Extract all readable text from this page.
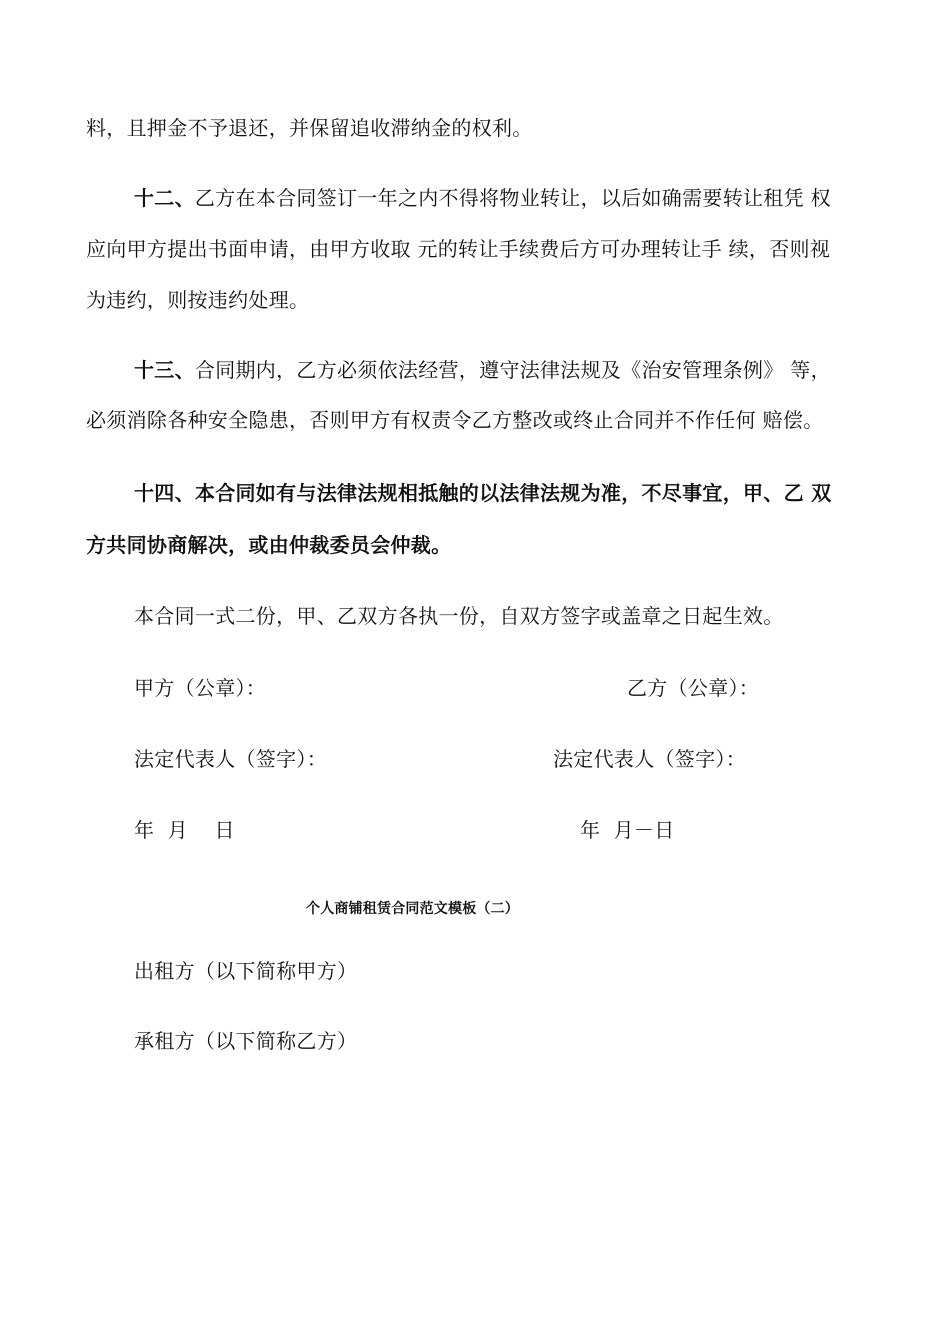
料，且押金不予退还，并保留追收滞纳金的权利。
十二、乙方在本合同签订一年之内不得将物业转让，以后如确需要转让租凭 权
应向甲方提出书面申请，由甲方收取 元的转让手续费后方可办理转让手 续，否则视
为违约，则按违约处理。
十三、合同期内，乙方必须依法经营，遵守法律法规及《治安管理条例》 等，
必须消除各种安全隐患，否则甲方有权责令乙方整改或终止合同并不作任何 赔偿。
十四、本合同如有与法律法规相抵触的以法律法规为准，不尽事宜，甲、乙 双
方共同协商解决，或由仲裁委员会仲裁。
本合同一式二份，甲、乙双方各执一份，自双方签字或盖章之日起生效。
甲方（公章）：	乙方（公章）：
法定代表人（签字）：	法定代表人（签字）：
年  月    日	年  月－日
个人商铺租赁合同范文模板（二）
出租方（以下简称甲方）
承租方（以下简称乙方）
